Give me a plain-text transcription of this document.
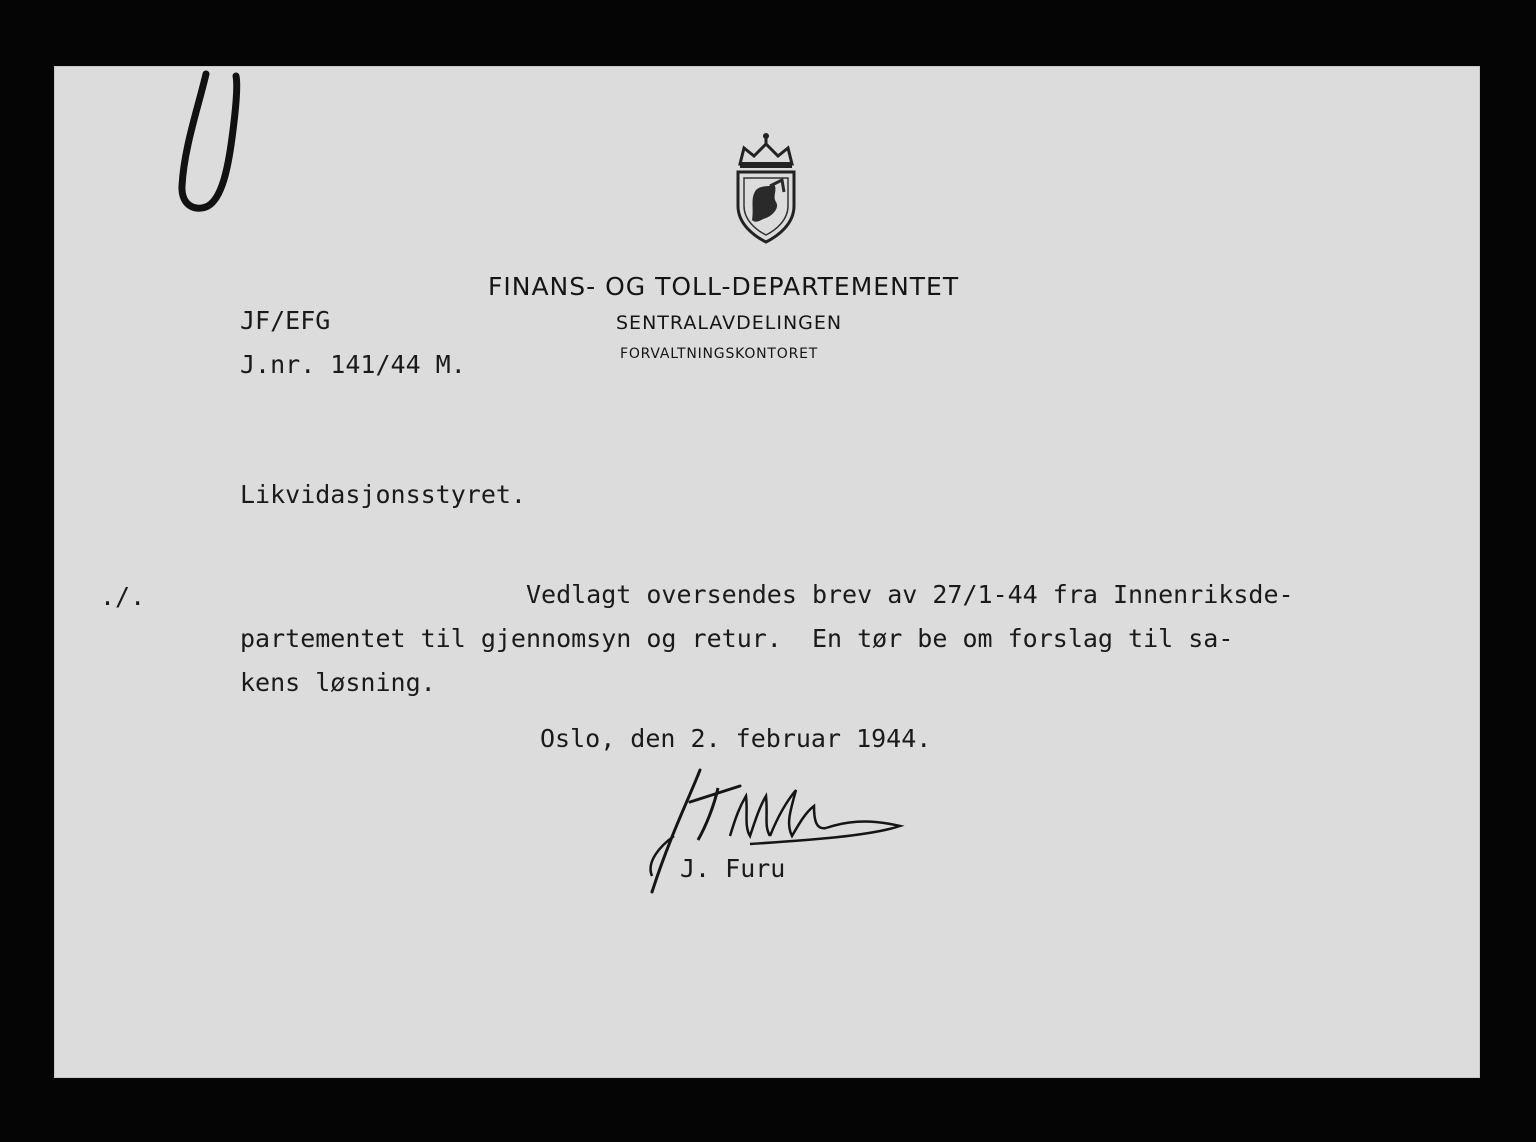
FINANS- OG TOLL-DEPARTEMENTET
SENTRALAVDELINGEN
FORVALTNINGSKONTORET
JF/EFG
J.nr. 141/44 M.
Likvidasjonsstyret.
./.	Vedlagt oversendes brev av 27/1-44 fra Innenriksde-
partementet til gjennomsyn og retur.  En tør be om forslag til sa-
kens løsning.
Oslo, den 2. februar 1944.
J. Furu
